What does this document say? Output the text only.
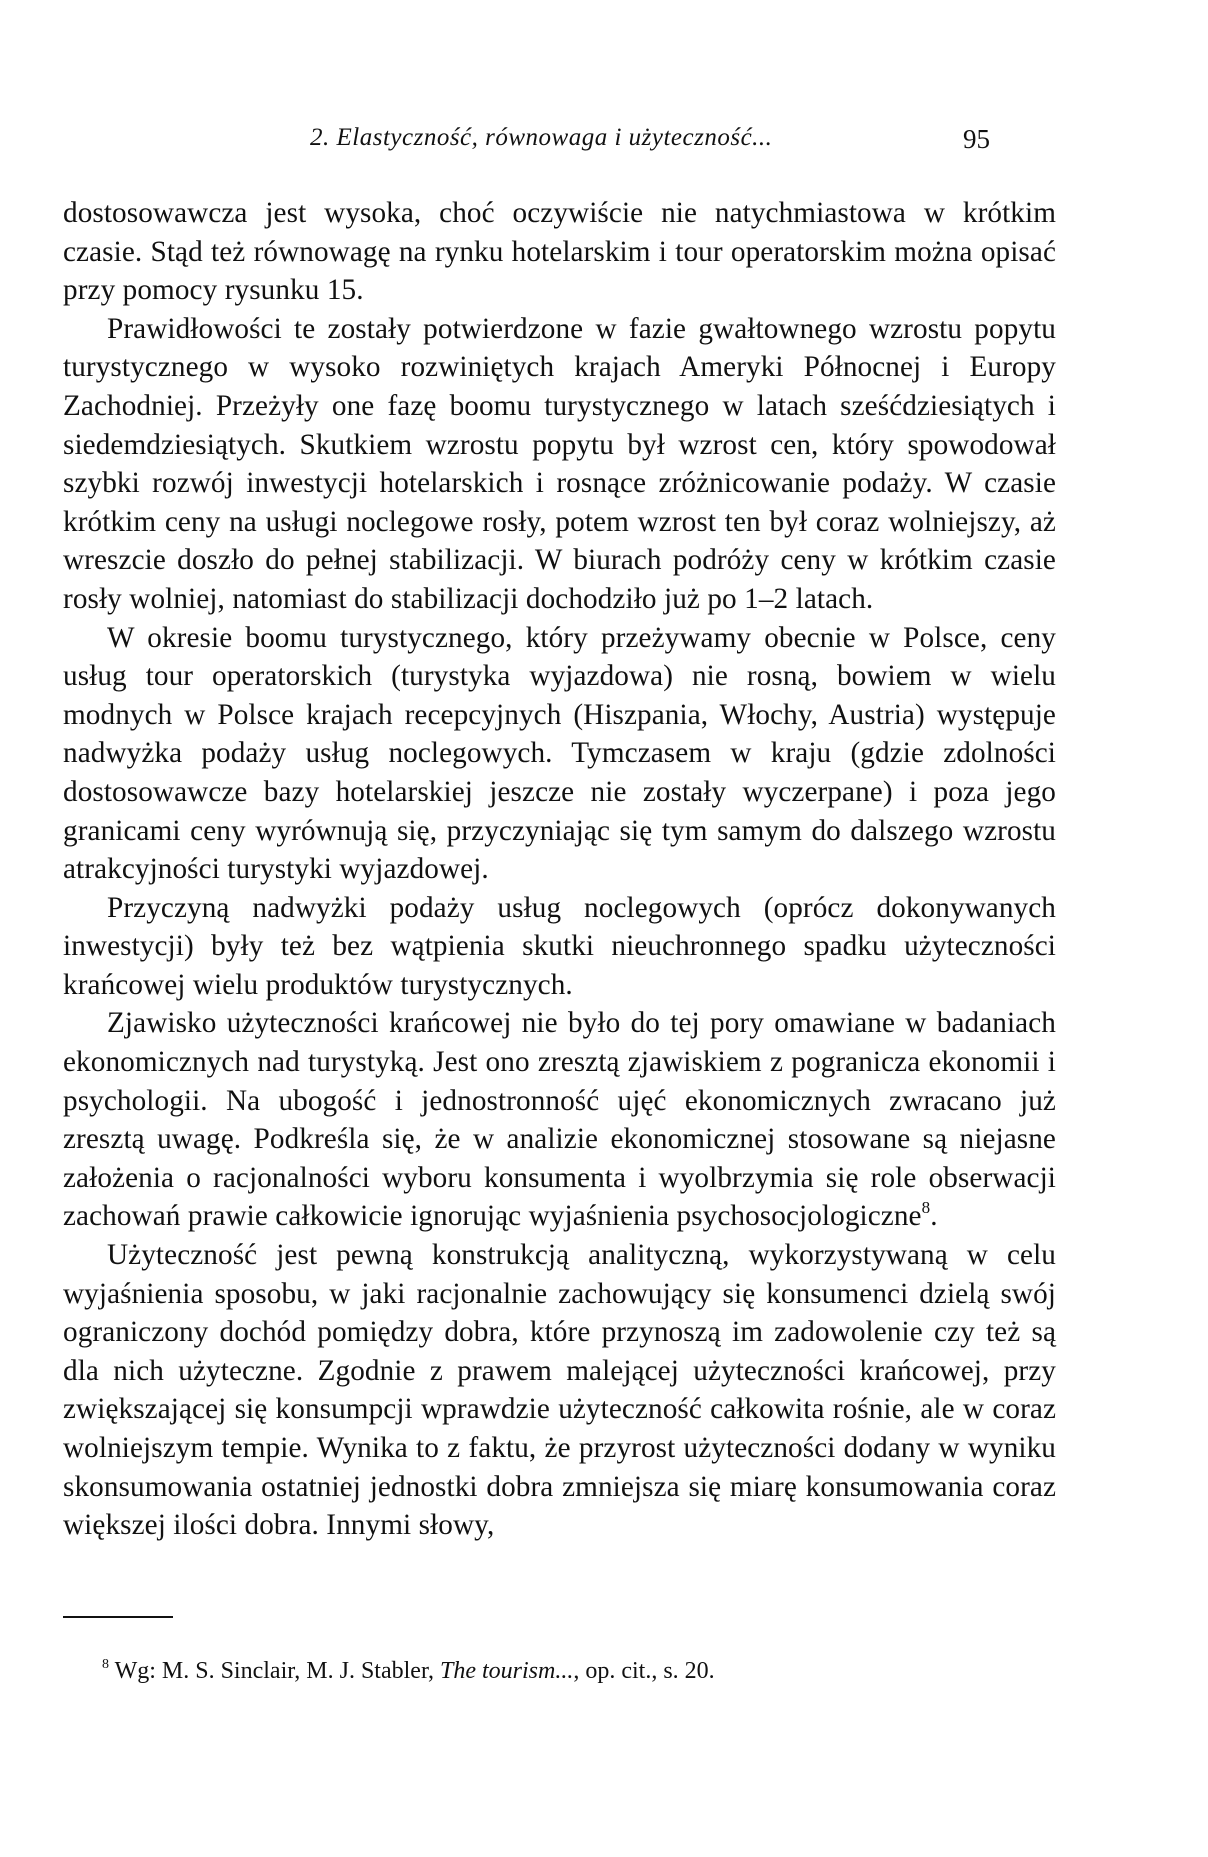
2. Elastyczność, równowaga i użyteczność...	95

dostosowawcza jest wysoka, choć oczywiście nie natychmiastowa w krótkim czasie. Stąd też równowagę na rynku hotelarskim i tour operatorskim można opisać przy pomocy rysunku 15.

Prawidłowości te zostały potwierdzone w fazie gwałtownego wzrostu popytu turystycznego w wysoko rozwiniętych krajach Ameryki Północnej i Europy Zachodniej. Przeżyły one fazę boomu turystycznego w latach sześćdziesiątych i siedemdziesiątych. Skutkiem wzrostu popytu był wzrost cen, który spowodował szybki rozwój inwestycji hotelarskich i rosnące zróżnicowanie podaży. W czasie krótkim ceny na usługi noclegowe rosły, potem wzrost ten był coraz wolniejszy, aż wreszcie doszło do pełnej stabilizacji. W biurach podróży ceny w krótkim czasie rosły wolniej, natomiast do stabilizacji dochodziło już po 1–2 latach.

W okresie boomu turystycznego, który przeżywamy obecnie w Polsce, ceny usług tour operatorskich (turystyka wyjazdowa) nie rosną, bowiem w wielu modnych w Polsce krajach recepcyjnych (Hiszpania, Włochy, Austria) występuje nadwyżka podaży usług noclegowych. Tymczasem w kraju (gdzie zdolności dostosowawcze bazy hotelarskiej jeszcze nie zostały wyczerpane) i poza jego granicami ceny wyrównują się, przyczyniając się tym samym do dalszego wzrostu atrakcyjności turystyki wyjazdowej.

Przyczyną nadwyżki podaży usług noclegowych (oprócz dokonywanych inwestycji) były też bez wątpienia skutki nieuchronnego spadku użyteczności krańcowej wielu produktów turystycznych.

Zjawisko użyteczności krańcowej nie było do tej pory omawiane w badaniach ekonomicznych nad turystyką. Jest ono zresztą zjawiskiem z pogranicza ekonomii i psychologii. Na ubogość i jednostronność ujęć ekonomicznych zwracano już zresztą uwagę. Podkreśla się, że w analizie ekonomicznej stosowane są niejasne założenia o racjonalności wyboru konsumenta i wyolbrzymia się role obserwacji zachowań prawie całkowicie ignorując wyjaśnienia psychosocjologiczne$^8$.

Użyteczność jest pewną konstrukcją analityczną, wykorzystywaną w celu wyjaśnienia sposobu, w jaki racjonalnie zachowujący się konsumenci dzielą swój ograniczony dochód pomiędzy dobra, które przynoszą im zadowolenie czy też są dla nich użyteczne. Zgodnie z prawem malejącej użyteczności krańcowej, przy zwiększającej się konsumpcji wprawdzie użyteczność całkowita rośnie, ale w coraz wolniejszym tempie. Wynika to z faktu, że przyrost użyteczności dodany w wyniku skonsumowania ostatniej jednostki dobra zmniejsza się miarę konsumowania coraz większej ilości dobra. Innymi słowy,

$^8$ Wg: M. S. Sinclair, M. J. Stabler, The tourism..., op. cit., s. 20.
